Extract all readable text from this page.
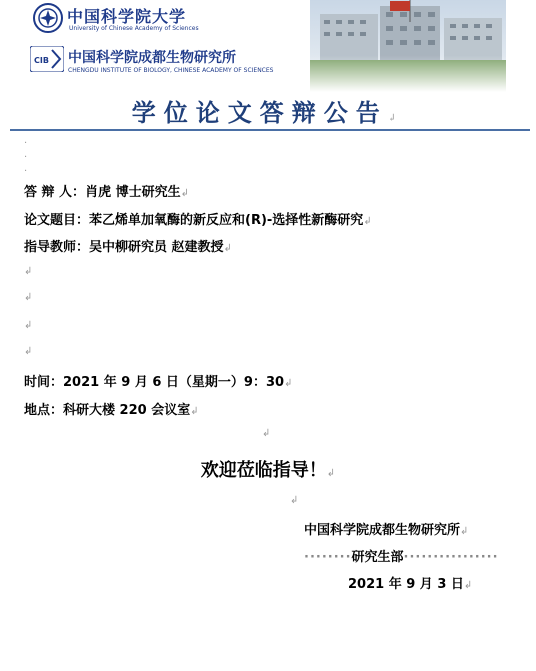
中国科学院大学
University of Chinese Academy of Sciences
CIB 中国科学院成都生物研究所
CHENGDU INSTITUTE OF BIOLOGY, CHINESE ACADEMY OF SCIENCES
学位论文答辩公告↲
·
·
·
答 辩 人：肖虎 博士研究生↲
论文题目：苯乙烯单加氧酶的新反应和(R)-选择性新酶研究↲
指导教师：吴中柳研究员 赵建教授↲
↲
↲
↲
↲
时间：2021 年 9 月 6 日（星期一）9：30↲
地点：科研大楼 220 会议室↲
↲
欢迎莅临指导！↲
↲
中国科学院成都生物研究所↲
········研究生部················
2021 年 9 月 3 日↲
